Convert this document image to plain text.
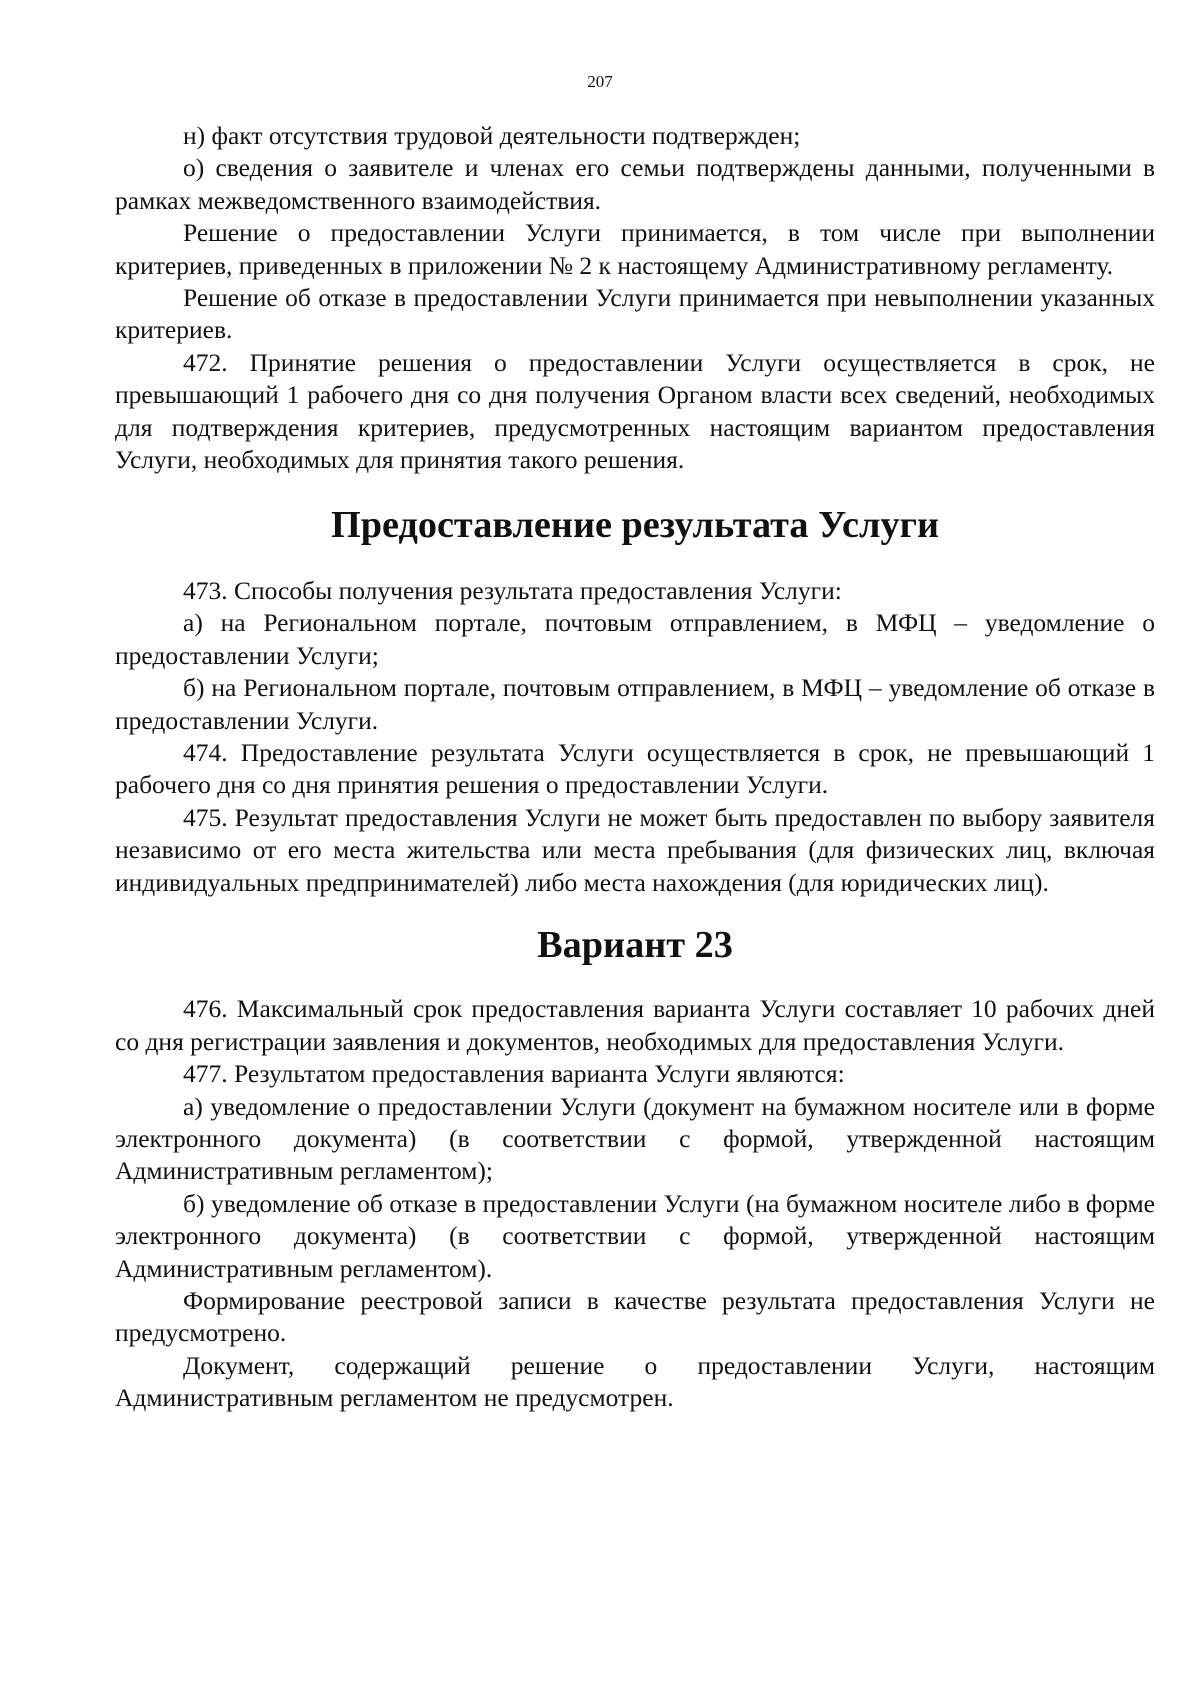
207

н) факт отсутствия трудовой деятельности подтвержден;

о) сведения о заявителе и членах его семьи подтверждены данными, полученными в рамках межведомственного взаимодействия.

Решение о предоставлении Услуги принимается, в том числе при выполнении критериев, приведенных в приложении № 2 к настоящему Административному регламенту.

Решение об отказе в предоставлении Услуги принимается при невыполнении указанных критериев.

472. Принятие решения о предоставлении Услуги осуществляется в срок, не превышающий 1 рабочего дня со дня получения Органом власти всех сведений, необходимых для подтверждения критериев, предусмотренных настоящим вариантом предоставления Услуги, необходимых для принятия такого решения.

Предоставление результата Услуги

473. Способы получения результата предоставления Услуги:

а) на Региональном портале, почтовым отправлением, в МФЦ – уведомление о предоставлении Услуги;

б) на Региональном портале, почтовым отправлением, в МФЦ – уведомление об отказе в предоставлении Услуги.

474. Предоставление результата Услуги осуществляется в срок, не превышающий 1 рабочего дня со дня принятия решения о предоставлении Услуги.

475. Результат предоставления Услуги не может быть предоставлен по выбору заявителя независимо от его места жительства или места пребывания (для физических лиц, включая индивидуальных предпринимателей) либо места нахождения (для юридических лиц).

Вариант 23

476. Максимальный срок предоставления варианта Услуги составляет 10 рабочих дней со дня регистрации заявления и документов, необходимых для предоставления Услуги.

477. Результатом предоставления варианта Услуги являются:

а) уведомление о предоставлении Услуги (документ на бумажном носителе или в форме электронного документа) (в соответствии с формой, утвержденной настоящим Административным регламентом);

б) уведомление об отказе в предоставлении Услуги (на бумажном носителе либо в форме электронного документа) (в соответствии с формой, утвержденной настоящим Административным регламентом).

Формирование реестровой записи в качестве результата предоставления Услуги не предусмотрено.

Документ, содержащий решение о предоставлении Услуги, настоящим Административным регламентом не предусмотрен.
